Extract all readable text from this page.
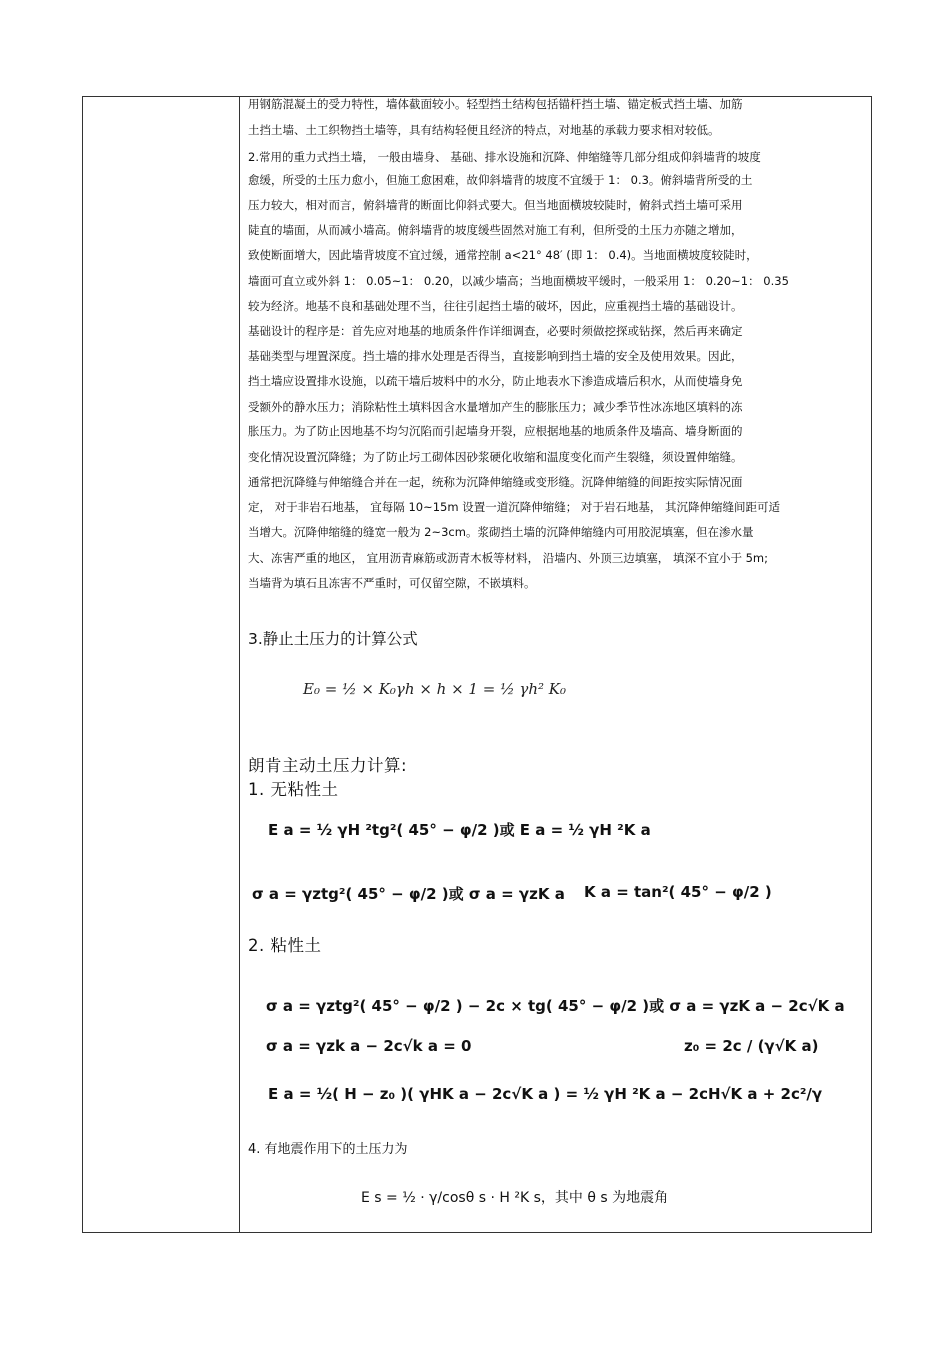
用钢筋混凝土的受力特性，墙体截面较小。轻型挡土结构包括锚杆挡土墙、锚定板式挡土墙、加筋
土挡土墙、土工织物挡土墙等，具有结构轻便且经济的特点，对地基的承载力要求相对较低。
2.常用的重力式挡土墙， 一般由墙身、 基础、排水设施和沉降、伸缩缝等几部分组成仰斜墙背的坡度
愈缓，所受的土压力愈小，但施工愈困难，故仰斜墙背的坡度不宜缓于 1： 0.3。俯斜墙背所受的土
压力较大，相对而言，俯斜墙背的断面比仰斜式要大。但当地面横坡较陡时，俯斜式挡土墙可采用
陡直的墙面，从而减小墙高。俯斜墙背的坡度缓些固然对施工有利，但所受的土压力亦随之增加，
致使断面增大，因此墙背坡度不宜过缓，通常控制 a<21° 48′ (即 1： 0.4)。当地面横坡度较陡时，
墙面可直立或外斜 1： 0.05~1： 0.20，以减少墙高；当地面横坡平缓时，一般采用 1： 0.20~1： 0.35
较为经济。地基不良和基础处理不当，往往引起挡土墙的破坏，因此，应重视挡土墙的基础设计。
基础设计的程序是：首先应对地基的地质条件作详细调查，必要时须做挖探或钻探，然后再来确定
基础类型与埋置深度。挡土墙的排水处理是否得当，直接影响到挡土墙的安全及使用效果。因此，
挡土墙应设置排水设施，以疏干墙后坡料中的水分，防止地表水下渗造成墙后积水，从而使墙身免
受额外的静水压力；消除粘性土填料因含水量增加产生的膨胀压力；减少季节性冰冻地区填料的冻
胀压力。为了防止因地基不均匀沉陷而引起墙身开裂，应根据地基的地质条件及墙高、墙身断面的
变化情况设置沉降缝；为了防止圬工砌体因砂浆硬化收缩和温度变化而产生裂缝，须设置伸缩缝。
通常把沉降缝与伸缩缝合并在一起，统称为沉降伸缩缝或变形缝。沉降伸缩缝的间距按实际情况面
定， 对于非岩石地基， 宜每隔 10~15m 设置一道沉降伸缩缝； 对于岩石地基， 其沉降伸缩缝间距可适
当增大。沉降伸缩缝的缝宽一般为 2~3cm。浆砌挡土墙的沉降伸缩缝内可用胶泥填塞，但在渗水量
大、冻害严重的地区， 宜用沥青麻筋或沥青木板等材料， 沿墙内、外顶三边填塞， 填深不宜小于 5m;
当墙背为填石且冻害不严重时，可仅留空隙，不嵌填料。
3.静止土压力的计算公式
E₀ = ½ × K₀γh × h × 1 = ½ γh² K₀
朗肯主动土压力计算:
1. 无粘性土
E a = ½ γH ²tg²( 45° − φ/2 )或 E a = ½ γH ²K a
σ a = γztg²( 45° − φ/2 )或 σ a = γzK a K a = tan²( 45° − φ/2 )
2. 粘性土
σ a = γztg²( 45° − φ/2 ) − 2c × tg( 45° − φ/2 )或 σ a = γzK a − 2c√K a
σ a = γzk a − 2c√k a = 0	z₀ = 2c / (γ√K a)
E a = ½( H − z₀ )( γHK a − 2c√K a ) = ½ γH ²K a − 2cH√K a + 2c²/γ
4. 有地震作用下的土压力为
E s = ½ · γ/cosθ s · H ²K s，其中 θ s 为地震角
